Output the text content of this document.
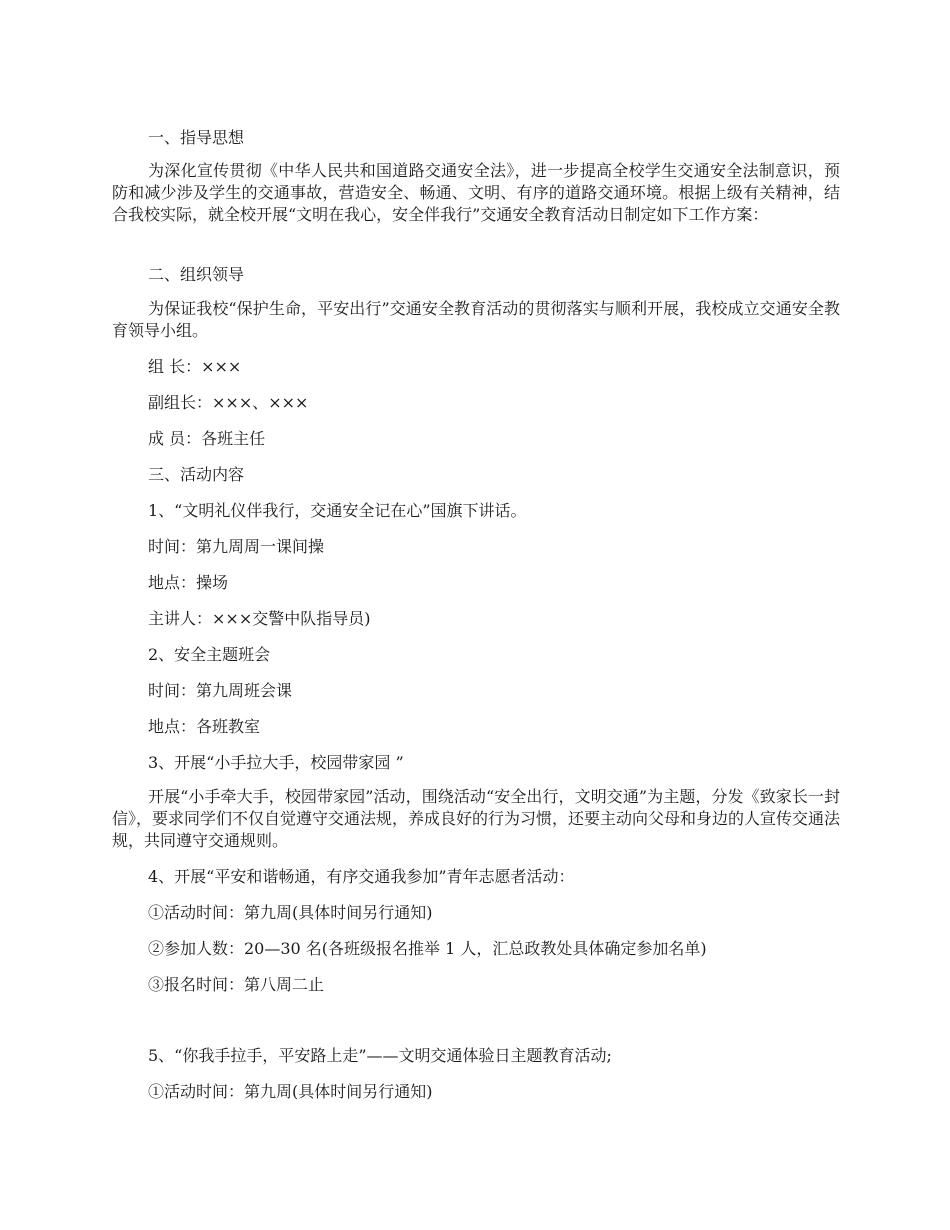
一、指导思想
为深化宣传贯彻《中华人民共和国道路交通安全法》，进一步提高全校学生交通安全法制意识，预防和减少涉及学生的交通事故，营造安全、畅通、文明、有序的道路交通环境。根据上级有关精神，结合我校实际，就全校开展“文明在我心，安全伴我行”交通安全教育活动日制定如下工作方案：
二、组织领导
为保证我校“保护生命，平安出行”交通安全教育活动的贯彻落实与顺利开展，我校成立交通安全教育领导小组。
组 长：×××
副组长：×××、×××
成 员：各班主任
三、活动内容
1、“文明礼仪伴我行，交通安全记在心”国旗下讲话。
时间：第九周周一课间操
地点：操场
主讲人：×××交警中队指导员)
2、安全主题班会
时间：第九周班会课
地点：各班教室
3、开展“小手拉大手，校园带家园 ”
开展“小手牵大手，校园带家园”活动，围绕活动“安全出行，文明交通”为主题，分发《致家长一封信》，要求同学们不仅自觉遵守交通法规，养成良好的行为习惯，还要主动向父母和身边的人宣传交通法规，共同遵守交通规则。
4、开展“平安和谐畅通，有序交通我参加”青年志愿者活动：
①活动时间：第九周(具体时间另行通知)
②参加人数：20—30 名(各班级报名推举 1 人，汇总政教处具体确定参加名单)
③报名时间：第八周二止
5、“你我手拉手，平安路上走”——文明交通体验日主题教育活动;
①活动时间：第九周(具体时间另行通知)
